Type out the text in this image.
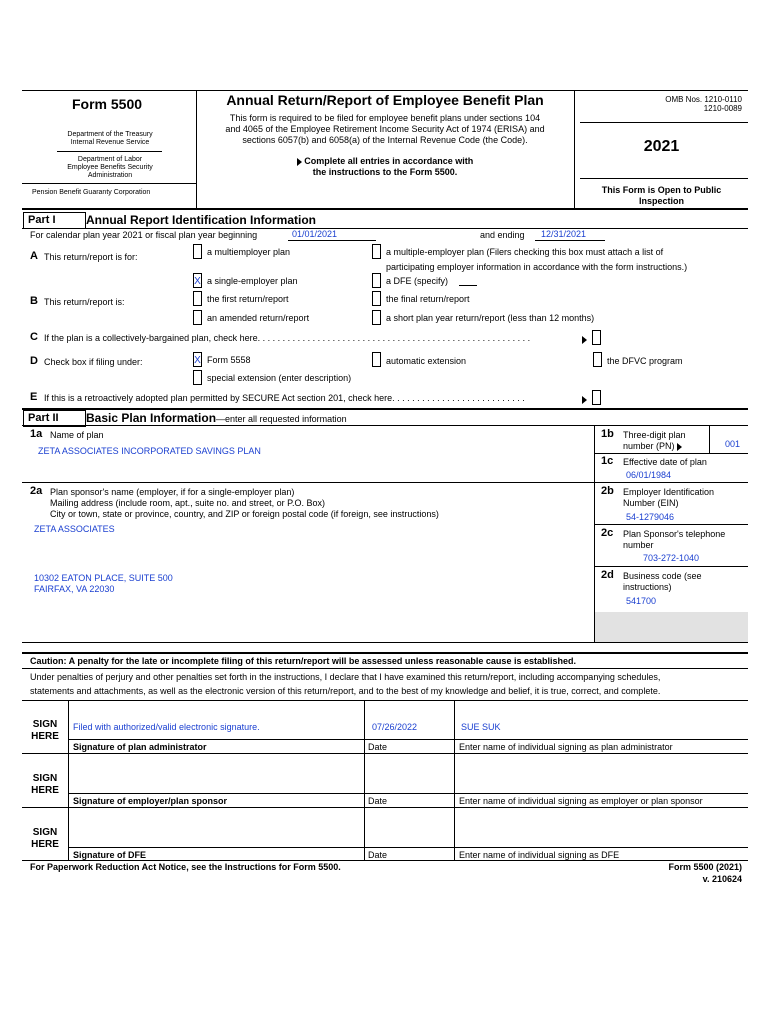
Form 5500
Department of the Treasury
Internal Revenue Service
Department of Labor
Employee Benefits Security
Administration
Pension Benefit Guaranty Corporation
Annual Return/Report of Employee Benefit Plan
This form is required to be filed for employee benefit plans under sections 104
and 4065 of the Employee Retirement Income Security Act of 1974 (ERISA) and
sections 6057(b) and 6058(a) of the Internal Revenue Code (the Code).
Complete all entries in accordance with
the instructions to the Form 5500.
OMB Nos. 1210-0110
1210-0089
2021
This Form is Open to Public
Inspection
Part I	Annual Report Identification Information
For calendar plan year 2021 or fiscal plan year beginning	01/01/2021	and ending 12/31/2021
A This return/report is for:	a multiemployer plan	a multiple-employer plan (Filers checking this box must attach a list of
participating employer information in accordance with the form instructions.)
X a single-employer plan	a DFE (specify)
B This return/report is:	the first return/report	the final return/report
an amended return/report	a short plan year return/report (less than 12 months)
C If the plan is a collectively-bargained plan, check here. . . . . . . . . . . . . . . . . . . . . . . . . . . . . . . . . . . . . . . . . . . . . . . . . . . . . . .
D Check box if filing under:	X Form 5558	automatic extension	the DFVC program
special extension (enter description)
E If this is a retroactively adopted plan permitted by SECURE Act section 201, check here. . . . . . . . . . . . . . . . . . . . . . . . . . .
Part II	Basic Plan Information—enter all requested information
1a Name of plan
ZETA ASSOCIATES INCORPORATED SAVINGS PLAN
1b Three-digit plan
number (PN)	001
1c Effective date of plan
06/01/1984
2a Plan sponsor's name (employer, if for a single-employer plan)
Mailing address (include room, apt., suite no. and street, or P.O. Box)
City or town, state or province, country, and ZIP or foreign postal code (if foreign, see instructions)
ZETA ASSOCIATES
10302 EATON PLACE, SUITE 500
FAIRFAX, VA 22030
2b Employer Identification
Number (EIN)
54-1279046
2c Plan Sponsor's telephone
number
703-272-1040
2d Business code (see
instructions)
541700
Caution: A penalty for the late or incomplete filing of this return/report will be assessed unless reasonable cause is established.
Under penalties of perjury and other penalties set forth in the instructions, I declare that I have examined this return/report, including accompanying schedules,
statements and attachments, as well as the electronic version of this return/report, and to the best of my knowledge and belief, it is true, correct, and complete.
SIGN
HERE
Filed with authorized/valid electronic signature.	07/26/2022	SUE SUK
Signature of plan administrator	Date	Enter name of individual signing as plan administrator
SIGN
HERE
Signature of employer/plan sponsor	Date	Enter name of individual signing as employer or plan sponsor
SIGN
HERE
Signature of DFE	Date	Enter name of individual signing as DFE
For Paperwork Reduction Act Notice, see the Instructions for Form 5500.	Form 5500 (2021)
v. 210624
